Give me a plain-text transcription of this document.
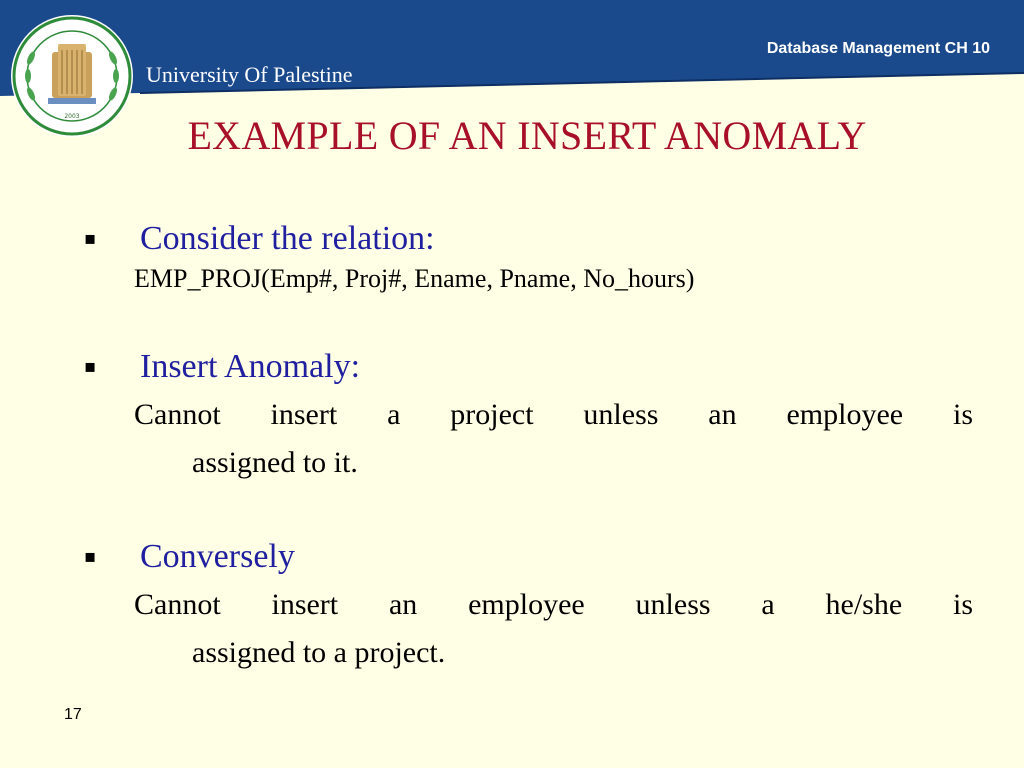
Database Management CH 10
University Of Palestine
2003	EXAMPLE OF AN INSERT ANOMALY
▪ Consider the relation:
EMP_PROJ(Emp#, Proj#, Ename, Pname, No_hours)
▪ Insert Anomaly:
Cannot insert a project unless an employee is
assigned to it.
▪ Conversely
Cannot insert an employee unless a he/she is
assigned to a project.
17
